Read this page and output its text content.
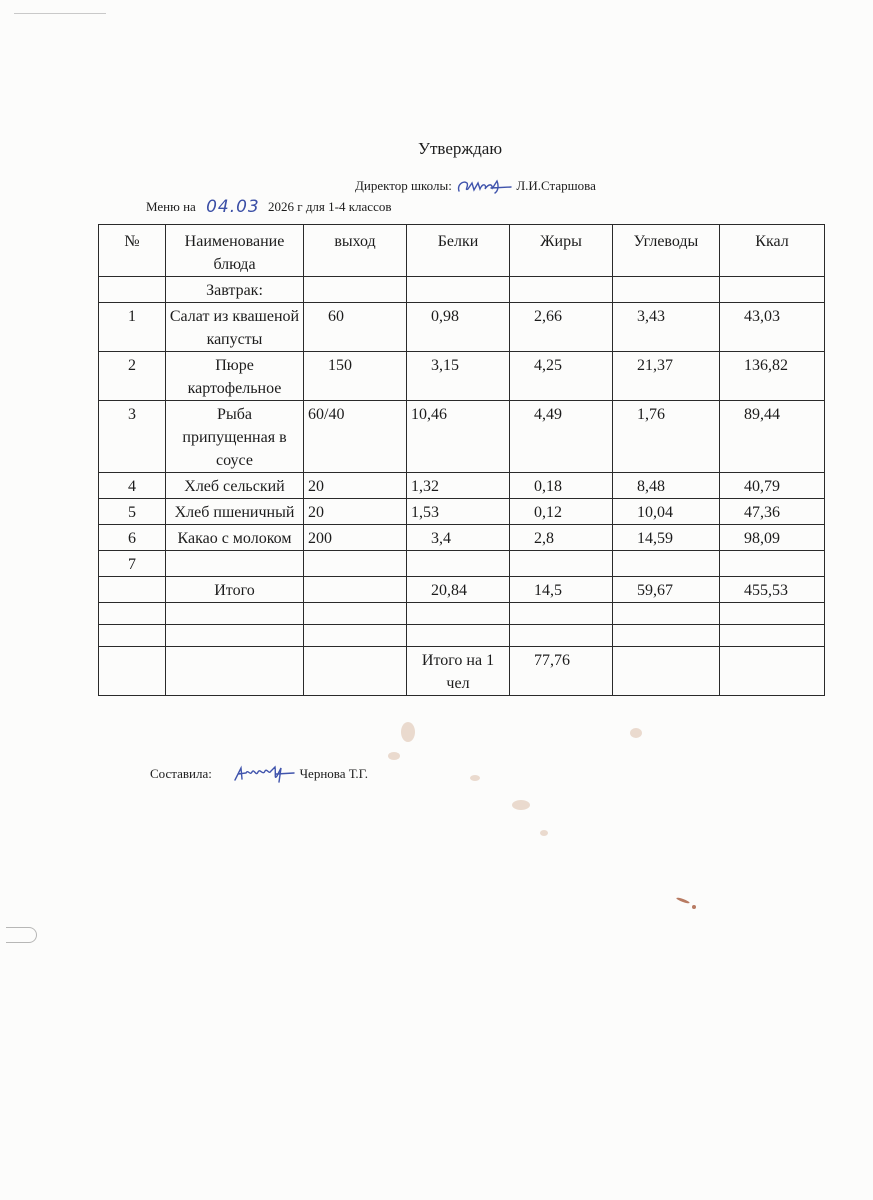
Утверждаю
Директор школы:	Л.И.Старшова
Меню на 04.03 2026 г для 1-4 классов
№	Наименование блюда	выход	Белки	Жиры	Углеводы	Ккал
	Завтрак:					
1	Салат из квашеной капусты	60	0,98	2,66	3,43	43,03
2	Пюре картофельное	150	3,15	4,25	21,37	136,82
3	Рыба припущенная в соусе	60/40	10,46	4,49	1,76	89,44
4	Хлеб сельский	20	1,32	0,18	8,48	40,79
5	Хлеб пшеничный	20	1,53	0,12	10,04	47,36
6	Какао с молоком	200	3,4	2,8	14,59	98,09
7						
	Итого		20,84	14,5	59,67	455,53

			Итого на 1 чел	77,76		
Составила:	Чернова Т.Г.
